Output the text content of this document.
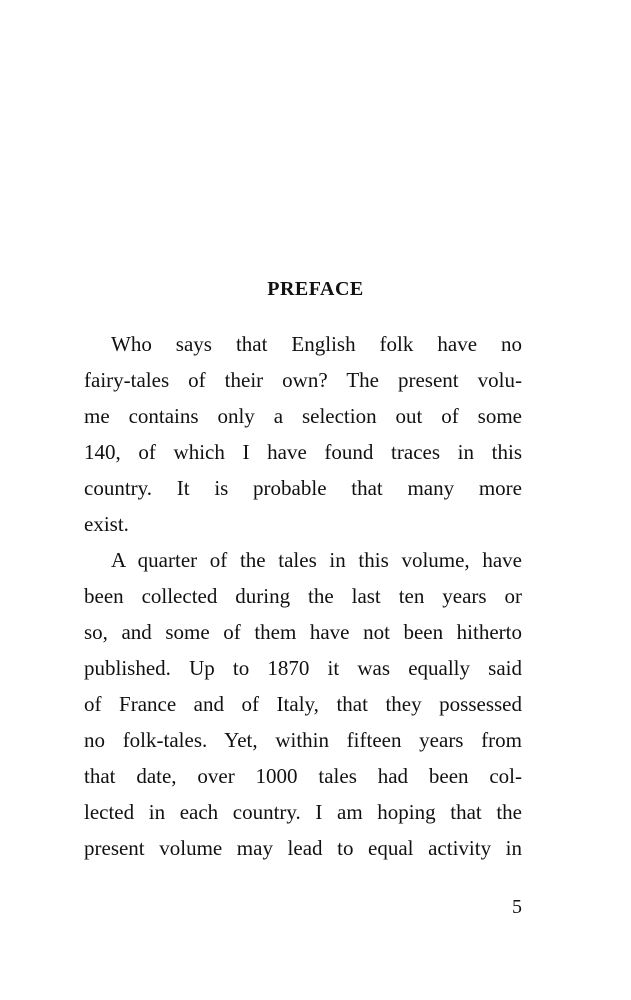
PREFACE

Who says that English folk have no

fairy-tales of their own? The present volu-

me contains only a selection out of some

140, of which I have found traces in this

country. It is probable that many more

exist.

A quarter of the tales in this volume, have

been collected during the last ten years or

so, and some of them have not been hitherto

published. Up to 1870 it was equally said

of France and of Italy, that they possessed

no folk-tales. Yet, within fifteen years from

that date, over 1000 tales had been col-

lected in each country. I am hoping that the

present volume may lead to equal activity in

5
